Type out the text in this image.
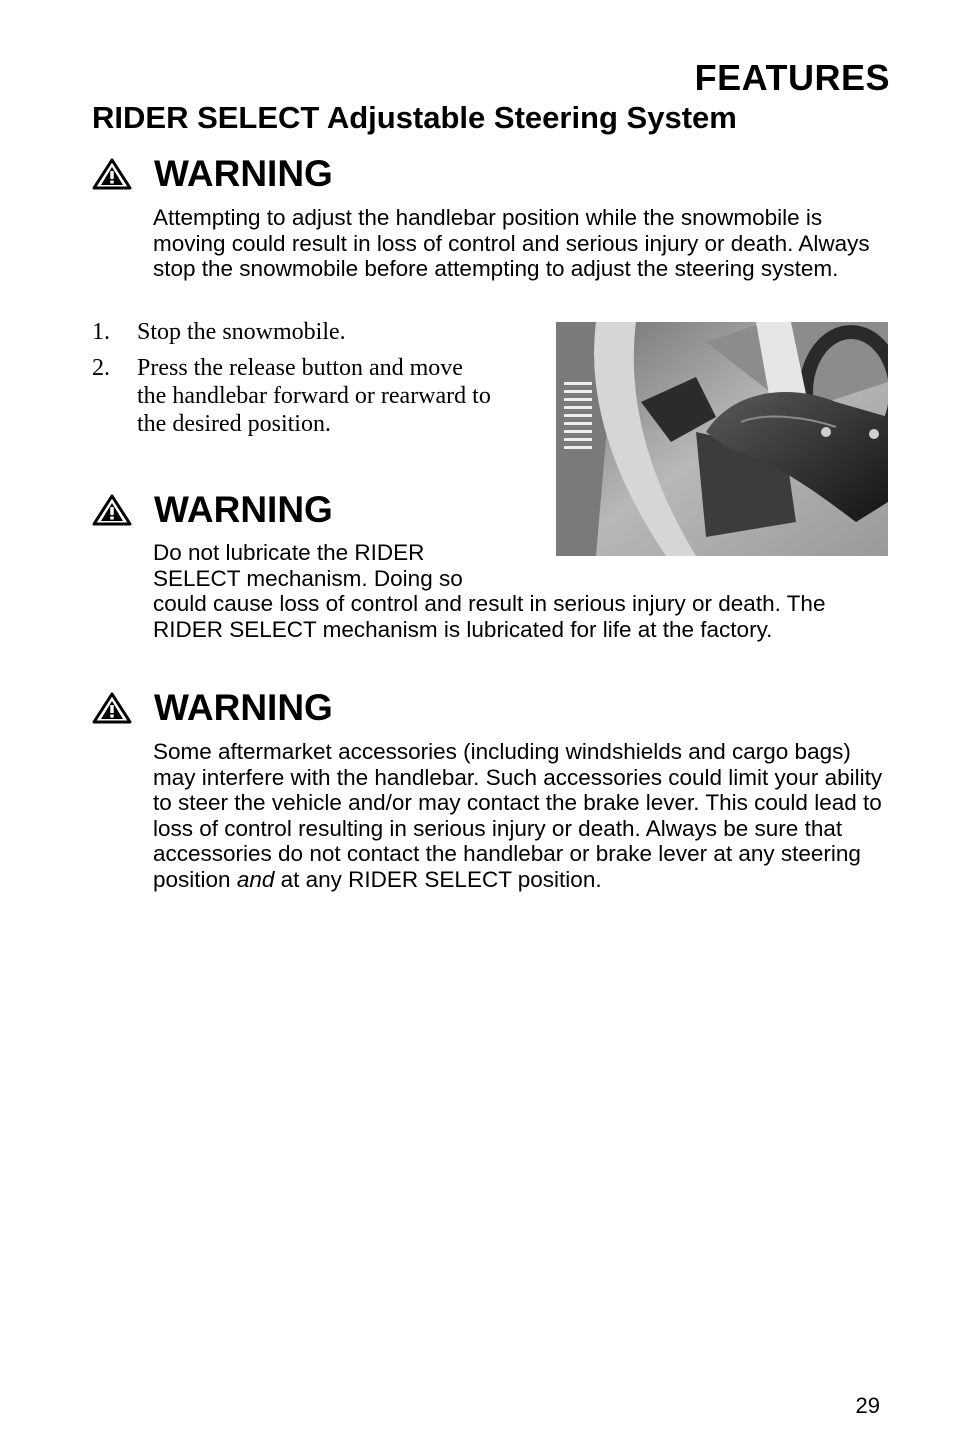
FEATURES
RIDER SELECT Adjustable Steering System
WARNING
Attempting to adjust the handlebar position while the snowmobile is moving could result in loss of control and serious injury or death. Always stop the snowmobile before attempting to adjust the steering system.
1.	Stop the snowmobile.
2.	Press the release button and move the handlebar forward or rearward to the desired position.
WARNING
Do not lubricate the RIDER
SELECT mechanism. Doing so
could cause loss of control and result in serious injury or death. The RIDER SELECT mechanism is lubricated for life at the factory.
WARNING
Some aftermarket accessories (including windshields and cargo bags) may interfere with the handlebar. Such accessories could limit your ability to steer the vehicle and/or may contact the brake lever. This could lead to loss of control resulting in serious injury or death. Always be sure that accessories do not contact the handlebar or brake lever at any steering position and at any RIDER SELECT position.
29
